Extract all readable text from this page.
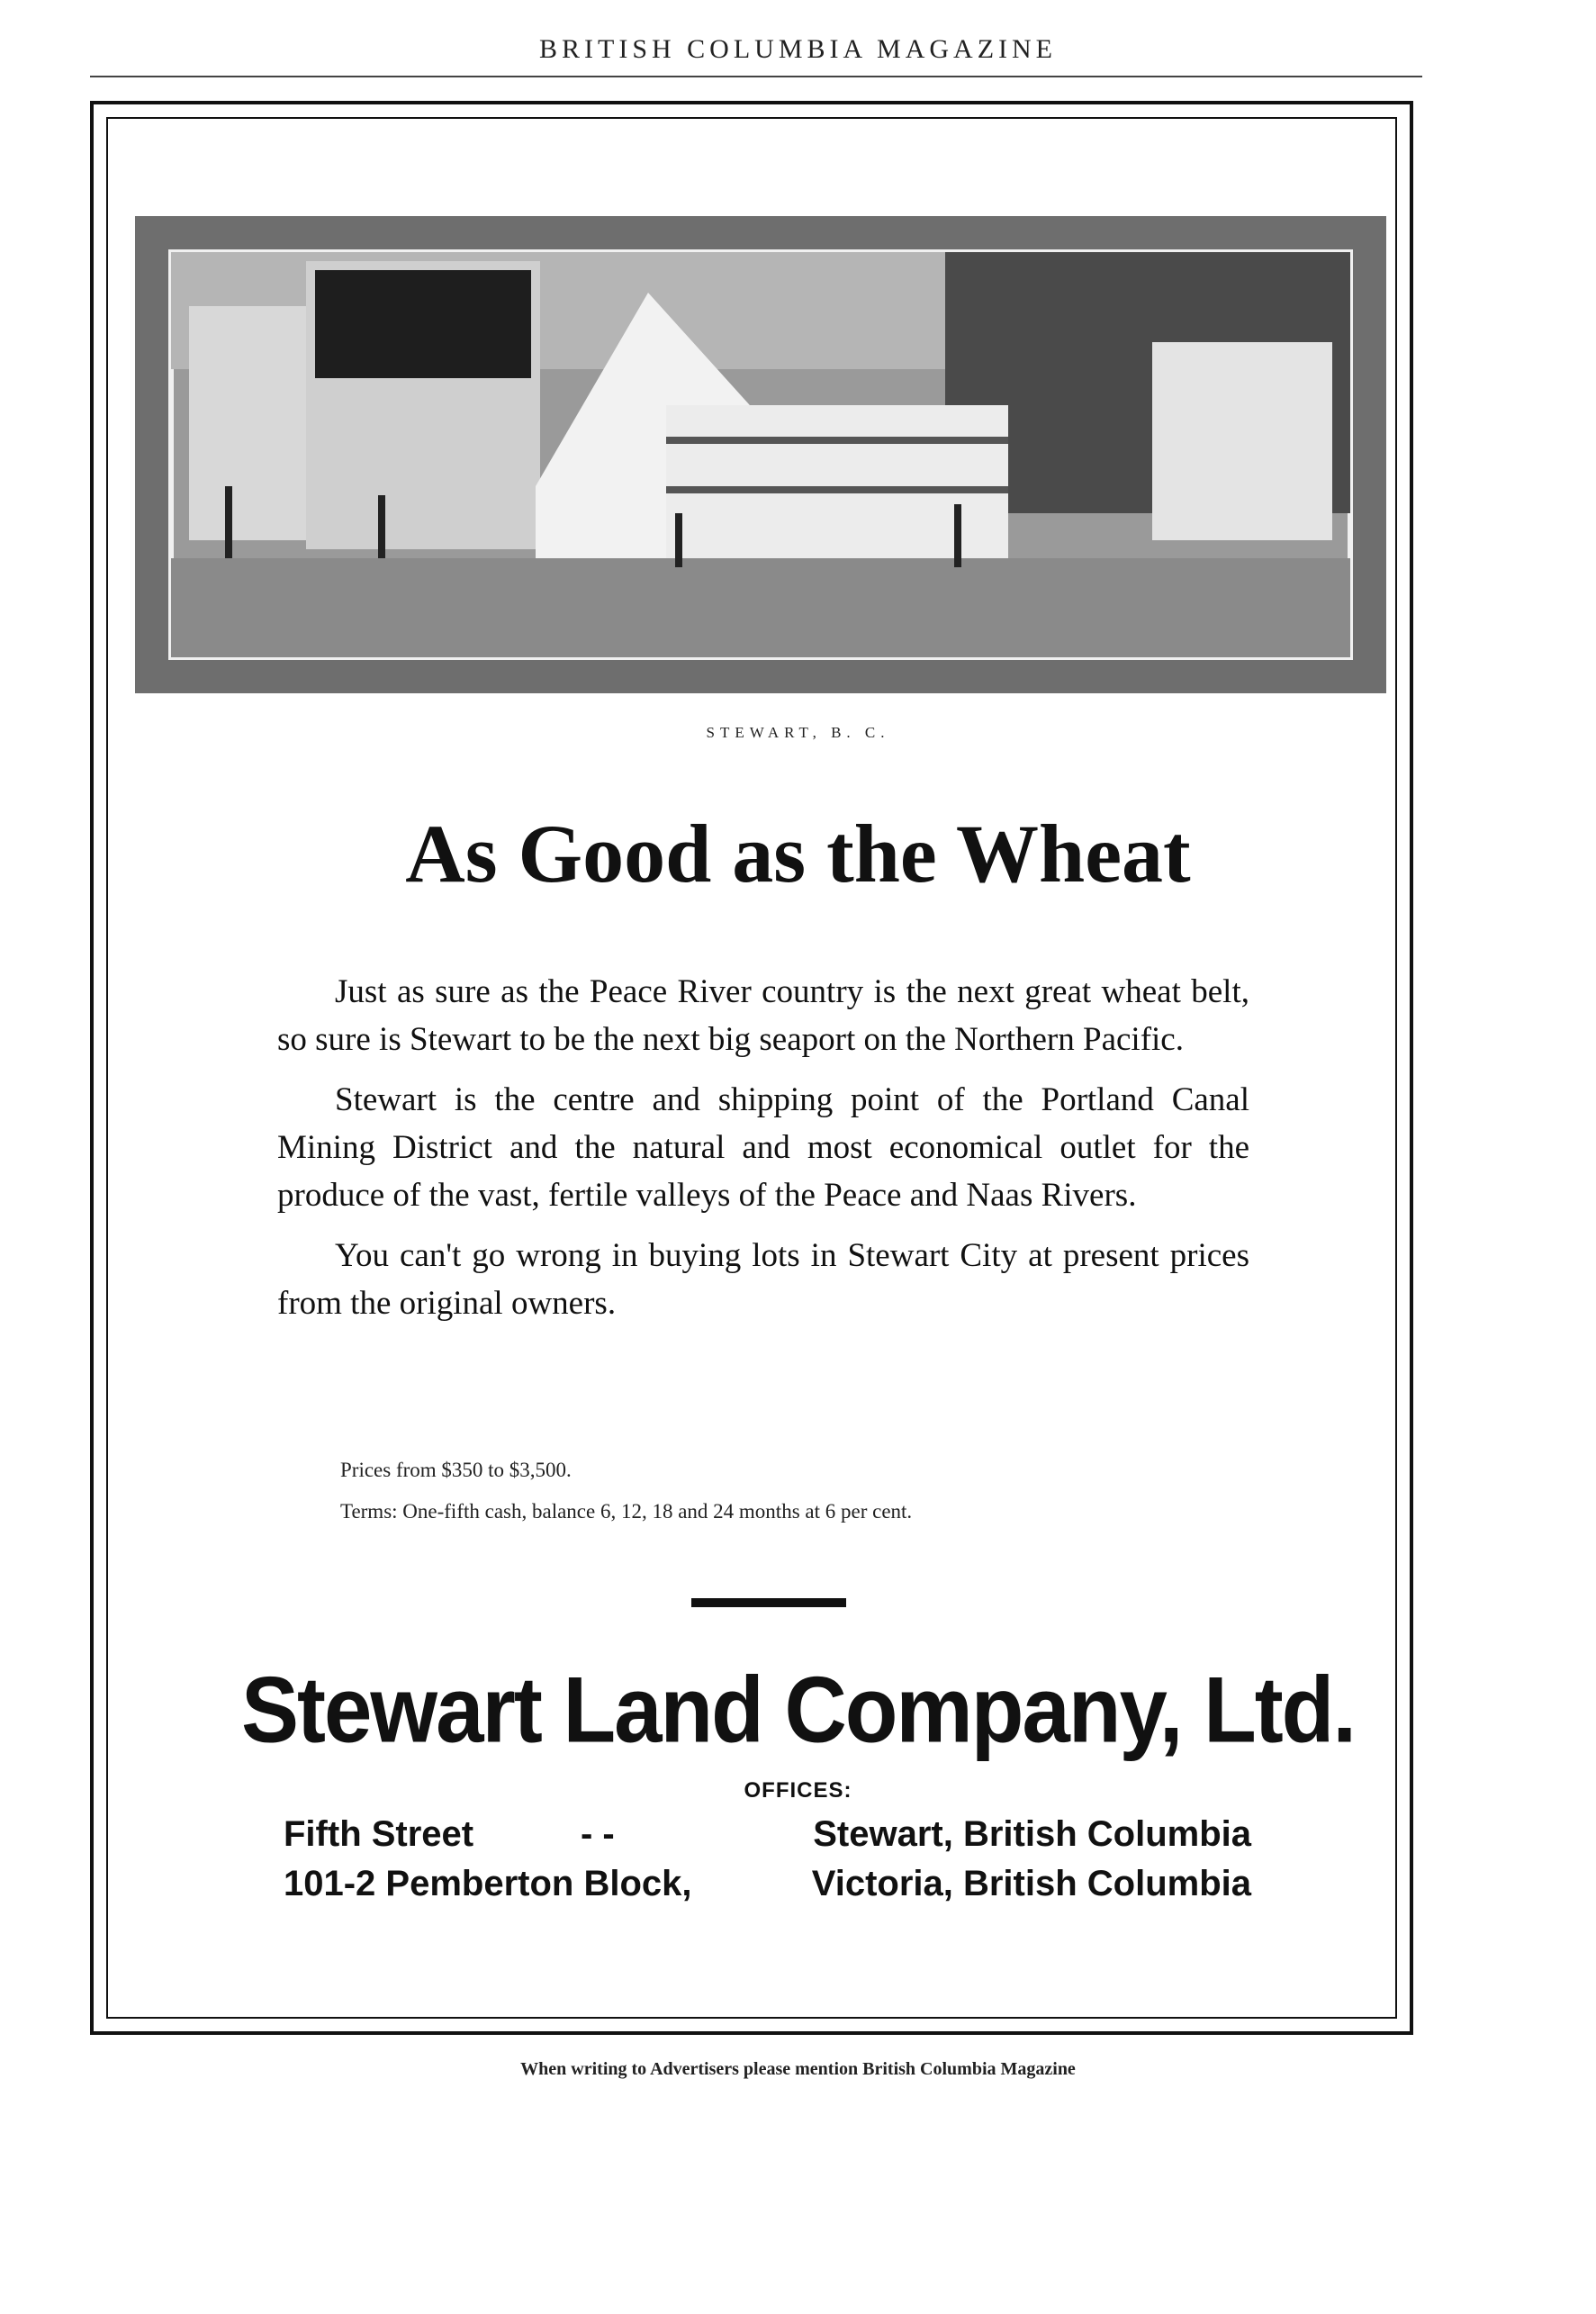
BRITISH COLUMBIA MAGAZINE
STEWART, B. C.
As Good as the Wheat

Just as sure as the Peace River country is the next great wheat belt, so sure is Stewart to be the next big seaport on the Northern Pacific.

Stewart is the centre and shipping point of the Portland Canal Mining District and the natural and most economical outlet for the produce of the vast, fertile valleys of the Peace and Naas Rivers.

You can't go wrong in buying lots in Stewart City at present prices from the original owners.

Prices from $350 to $3,500.
Terms: One-fifth cash, balance 6, 12, 18 and 24 months at 6 per cent.
Stewart Land Company, Ltd.
OFFICES:
Fifth Street	- -	Stewart, British Columbia
101-2 Pemberton Block,	Victoria, British Columbia
When writing to Advertisers please mention British Columbia Magazine
